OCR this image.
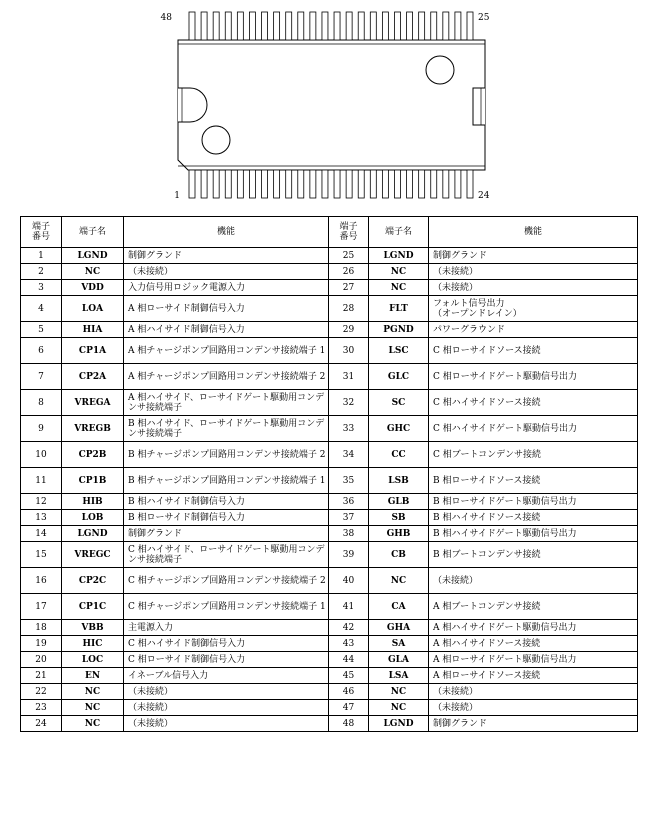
48	25
1	24
端子
番号	端子名	機能	端子
番号	端子名	機能
1	LGND	制御グランド	25	LGND	制御グランド
2	NC	（未接続）	26	NC	（未接続）
3	VDD	入力信号用ロジック電源入力	27	NC	（未接続）
4	LOA	A 相ローサイド制御信号入力	28	FLT	フォルト信号出力
（オープンドレイン）
5	HIA	A 相ハイサイド制御信号入力	29	PGND	パワーグラウンド
6	CP1A	A 相チャージポンプ回路用コンデンサ接続端子 1	30	LSC	C 相ローサイドソース接続
7	CP2A	A 相チャージポンプ回路用コンデンサ接続端子 2	31	GLC	C 相ローサイドゲート駆動信号出力
8	VREGA	A 相ハイサイド、ローサイドゲート駆動用コンデンサ接続端子	32	SC	C 相ハイサイドソース接続
9	VREGB	B 相ハイサイド、ローサイドゲート駆動用コンデンサ接続端子	33	GHC	C 相ハイサイドゲート駆動信号出力
10	CP2B	B 相チャージポンプ回路用コンデンサ接続端子 2	34	CC	C 相ブートコンデンサ接続
11	CP1B	B 相チャージポンプ回路用コンデンサ接続端子 1	35	LSB	B 相ローサイドソース接続
12	HIB	B 相ハイサイド制御信号入力	36	GLB	B 相ローサイドゲート駆動信号出力
13	LOB	B 相ローサイド制御信号入力	37	SB	B 相ハイサイドソース接続
14	LGND	制御グランド	38	GHB	B 相ハイサイドゲート駆動信号出力
15	VREGC	C 相ハイサイド、ローサイドゲート駆動用コンデンサ接続端子	39	CB	B 相ブートコンデンサ接続
16	CP2C	C 相チャージポンプ回路用コンデンサ接続端子 2	40	NC	（未接続）
17	CP1C	C 相チャージポンプ回路用コンデンサ接続端子 1	41	CA	A 相ブートコンデンサ接続
18	VBB	主電源入力	42	GHA	A 相ハイサイドゲート駆動信号出力
19	HIC	C 相ハイサイド制御信号入力	43	SA	A 相ハイサイドソース接続
20	LOC	C 相ローサイド制御信号入力	44	GLA	A 相ローサイドゲート駆動信号出力
21	EN	イネーブル信号入力	45	LSA	A 相ローサイドソース接続
22	NC	（未接続）	46	NC	（未接続）
23	NC	（未接続）	47	NC	（未接続）
24	NC	（未接続）	48	LGND	制御グランド
